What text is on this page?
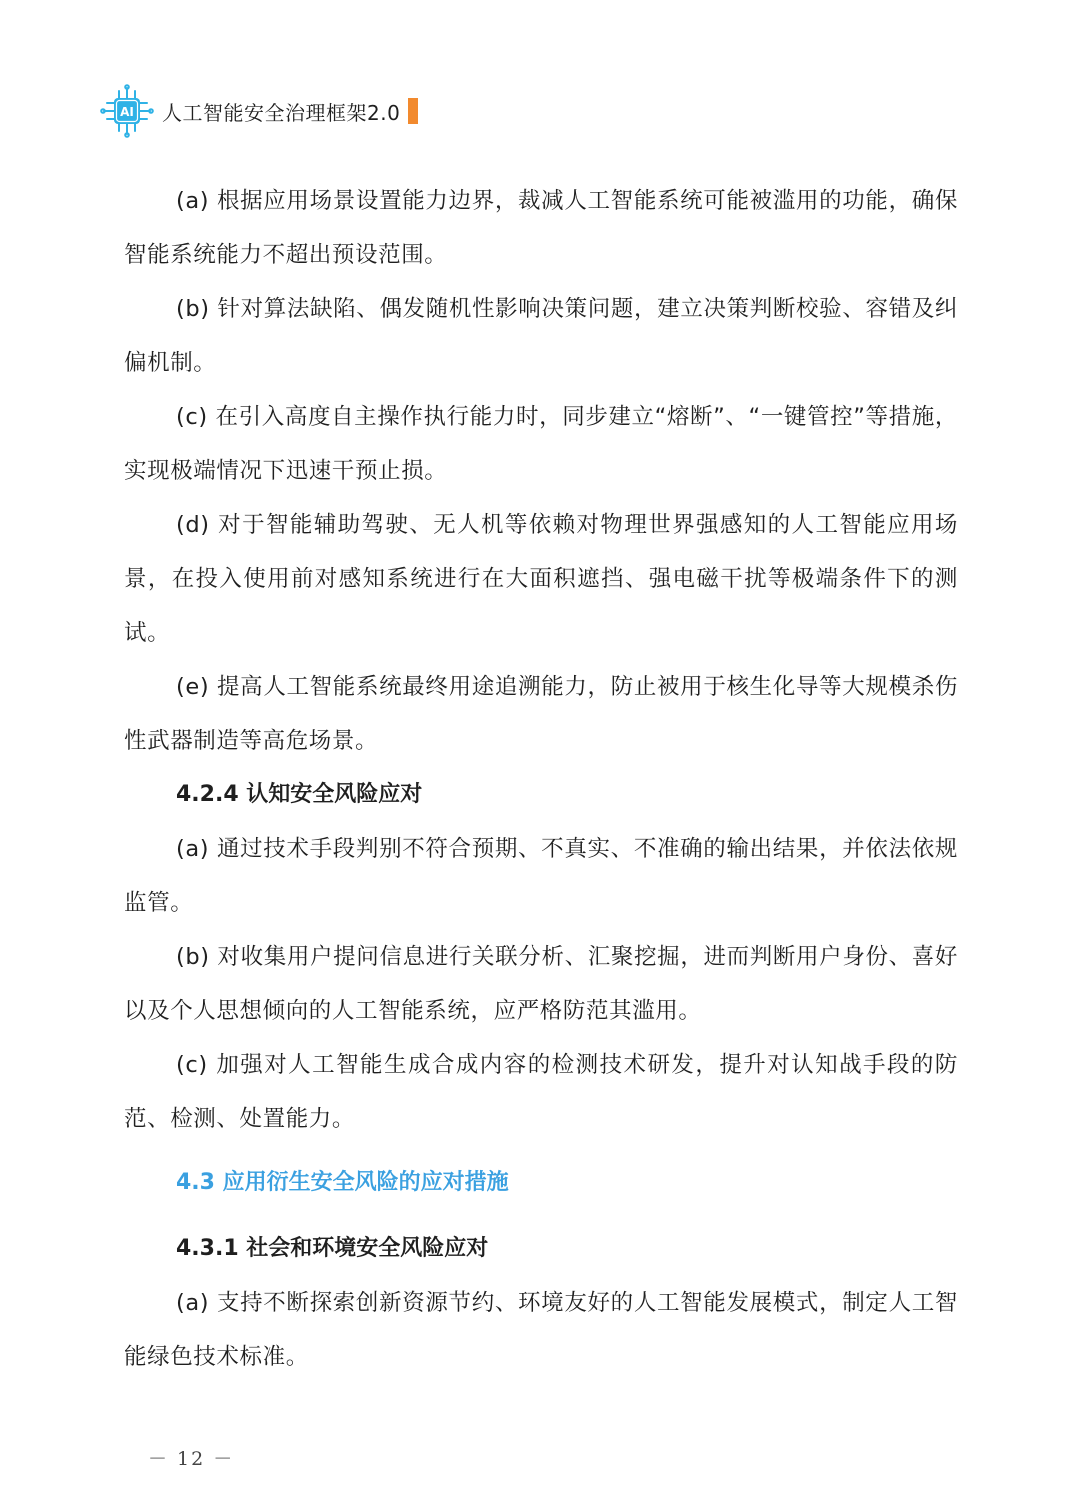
AI 人工智能安全治理框架2.0

(a) 根据应用场景设置能力边界，裁减人工智能系统可能被滥用的功能，确保智能系统能力不超出预设范围。

(b) 针对算法缺陷、偶发随机性影响决策问题，建立决策判断校验、容错及纠偏机制。

(c) 在引入高度自主操作执行能力时，同步建立“熔断”、“一键管控”等措施，实现极端情况下迅速干预止损。

(d) 对于智能辅助驾驶、无人机等依赖对物理世界强感知的人工智能应用场景，在投入使用前对感知系统进行在大面积遮挡、强电磁干扰等极端条件下的测试。

(e) 提高人工智能系统最终用途追溯能力，防止被用于核生化导等大规模杀伤性武器制造等高危场景。

4.2.4 认知安全风险应对

(a) 通过技术手段判别不符合预期、不真实、不准确的输出结果，并依法依规监管。

(b) 对收集用户提问信息进行关联分析、汇聚挖掘，进而判断用户身份、喜好以及个人思想倾向的人工智能系统，应严格防范其滥用。

(c) 加强对人工智能生成合成内容的检测技术研发，提升对认知战手段的防范、检测、处置能力。

4.3 应用衍生安全风险的应对措施
4.3.1 社会和环境安全风险应对

(a) 支持不断探索创新资源节约、环境友好的人工智能发展模式，制定人工智能绿色技术标准。

－ 12 －
